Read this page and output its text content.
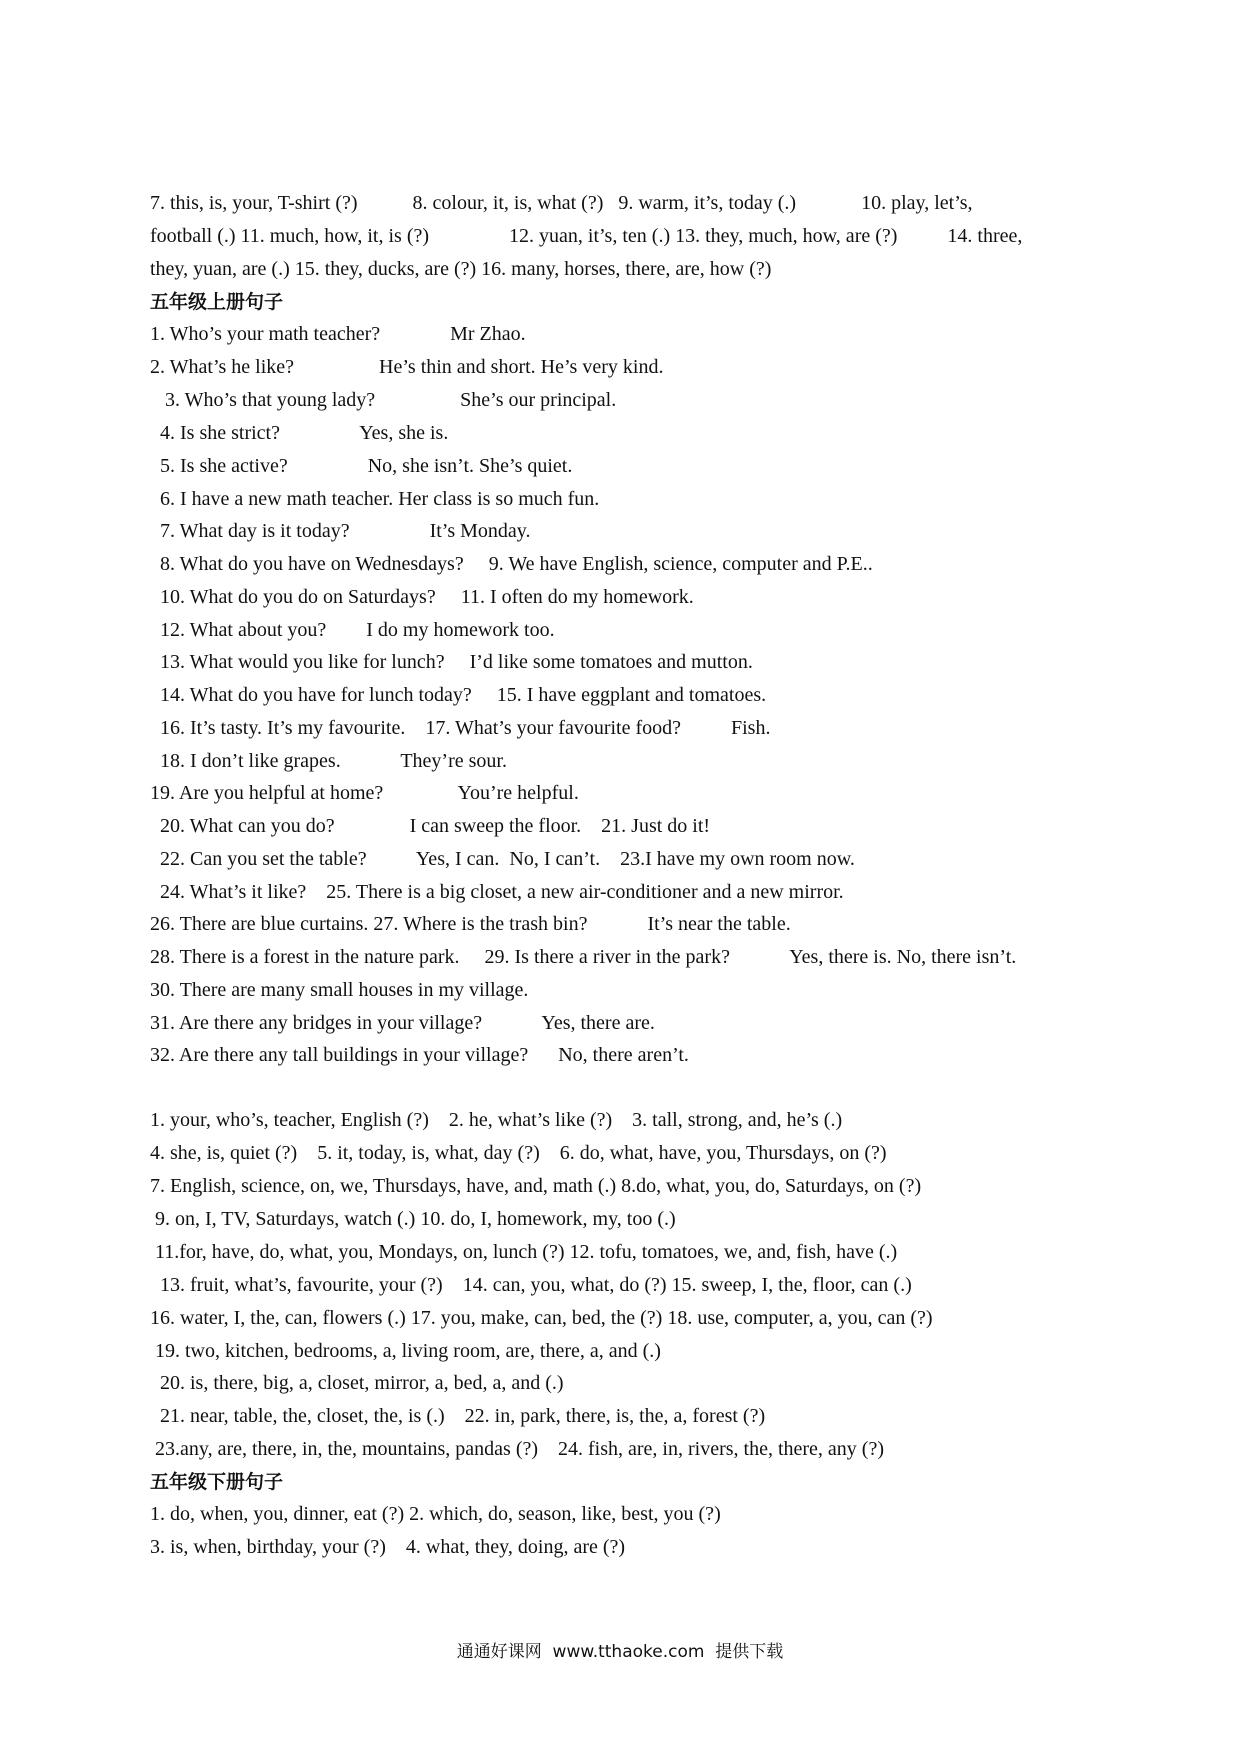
7. this, is, your, T-shirt (?)           8. colour, it, is, what (?)   9. warm, it’s, today (.)             10. play, let’s,
football (.) 11. much, how, it, is (?)                12. yuan, it’s, ten (.) 13. they, much, how, are (?)          14. three,
they, yuan, are (.) 15. they, ducks, are (?) 16. many, horses, there, are, how (?)
五年级上册句子
1. Who’s your math teacher?              Mr Zhao.
2. What’s he like?                 He’s thin and short. He’s very kind.
3. Who’s that young lady?                 She’s our principal.
4. Is she strict?                Yes, she is.
5. Is she active?                No, she isn’t. She’s quiet.
6. I have a new math teacher. Her class is so much fun.
7. What day is it today?                It’s Monday.
8. What do you have on Wednesdays?     9. We have English, science, computer and P.E..
10. What do you do on Saturdays?     11. I often do my homework.
12. What about you?        I do my homework too.
13. What would you like for lunch?     I’d like some tomatoes and mutton.
14. What do you have for lunch today?     15. I have eggplant and tomatoes.
16. It’s tasty. It’s my favourite.    17. What’s your favourite food?          Fish.
18. I don’t like grapes.            They’re sour.
19. Are you helpful at home?               You’re helpful.
20. What can you do?               I can sweep the floor.    21. Just do it!
22. Can you set the table?          Yes, I can.  No, I can’t.    23.I have my own room now.
24. What’s it like?    25. There is a big closet, a new air-conditioner and a new mirror.
26. There are blue curtains. 27. Where is the trash bin?            It’s near the table.
28. There is a forest in the nature park.     29. Is there a river in the park?            Yes, there is. No, there isn’t.
30. There are many small houses in my village.
31. Are there any bridges in your village?            Yes, there are.
32. Are there any tall buildings in your village?      No, there aren’t.
1. your, who’s, teacher, English (?)    2. he, what’s like (?)    3. tall, strong, and, he’s (.)
4. she, is, quiet (?)    5. it, today, is, what, day (?)    6. do, what, have, you, Thursdays, on (?)
7. English, science, on, we, Thursdays, have, and, math (.) 8.do, what, you, do, Saturdays, on (?)
9. on, I, TV, Saturdays, watch (.) 10. do, I, homework, my, too (.)
11.for, have, do, what, you, Mondays, on, lunch (?) 12. tofu, tomatoes, we, and, fish, have (.)
13. fruit, what’s, favourite, your (?)    14. can, you, what, do (?) 15. sweep, I, the, floor, can (.)
16. water, I, the, can, flowers (.) 17. you, make, can, bed, the (?) 18. use, computer, a, you, can (?)
19. two, kitchen, bedrooms, a, living room, are, there, a, and (.)
20. is, there, big, a, closet, mirror, a, bed, a, and (.)
21. near, table, the, closet, the, is (.)    22. in, park, there, is, the, a, forest (?)
23.any, are, there, in, the, mountains, pandas (?)    24. fish, are, in, rivers, the, there, any (?)
五年级下册句子
1. do, when, you, dinner, eat (?) 2. which, do, season, like, best, you (?)
3. is, when, birthday, your (?)    4. what, they, doing, are (?)
通通好课网  www.tthaoke.com  提供下载
